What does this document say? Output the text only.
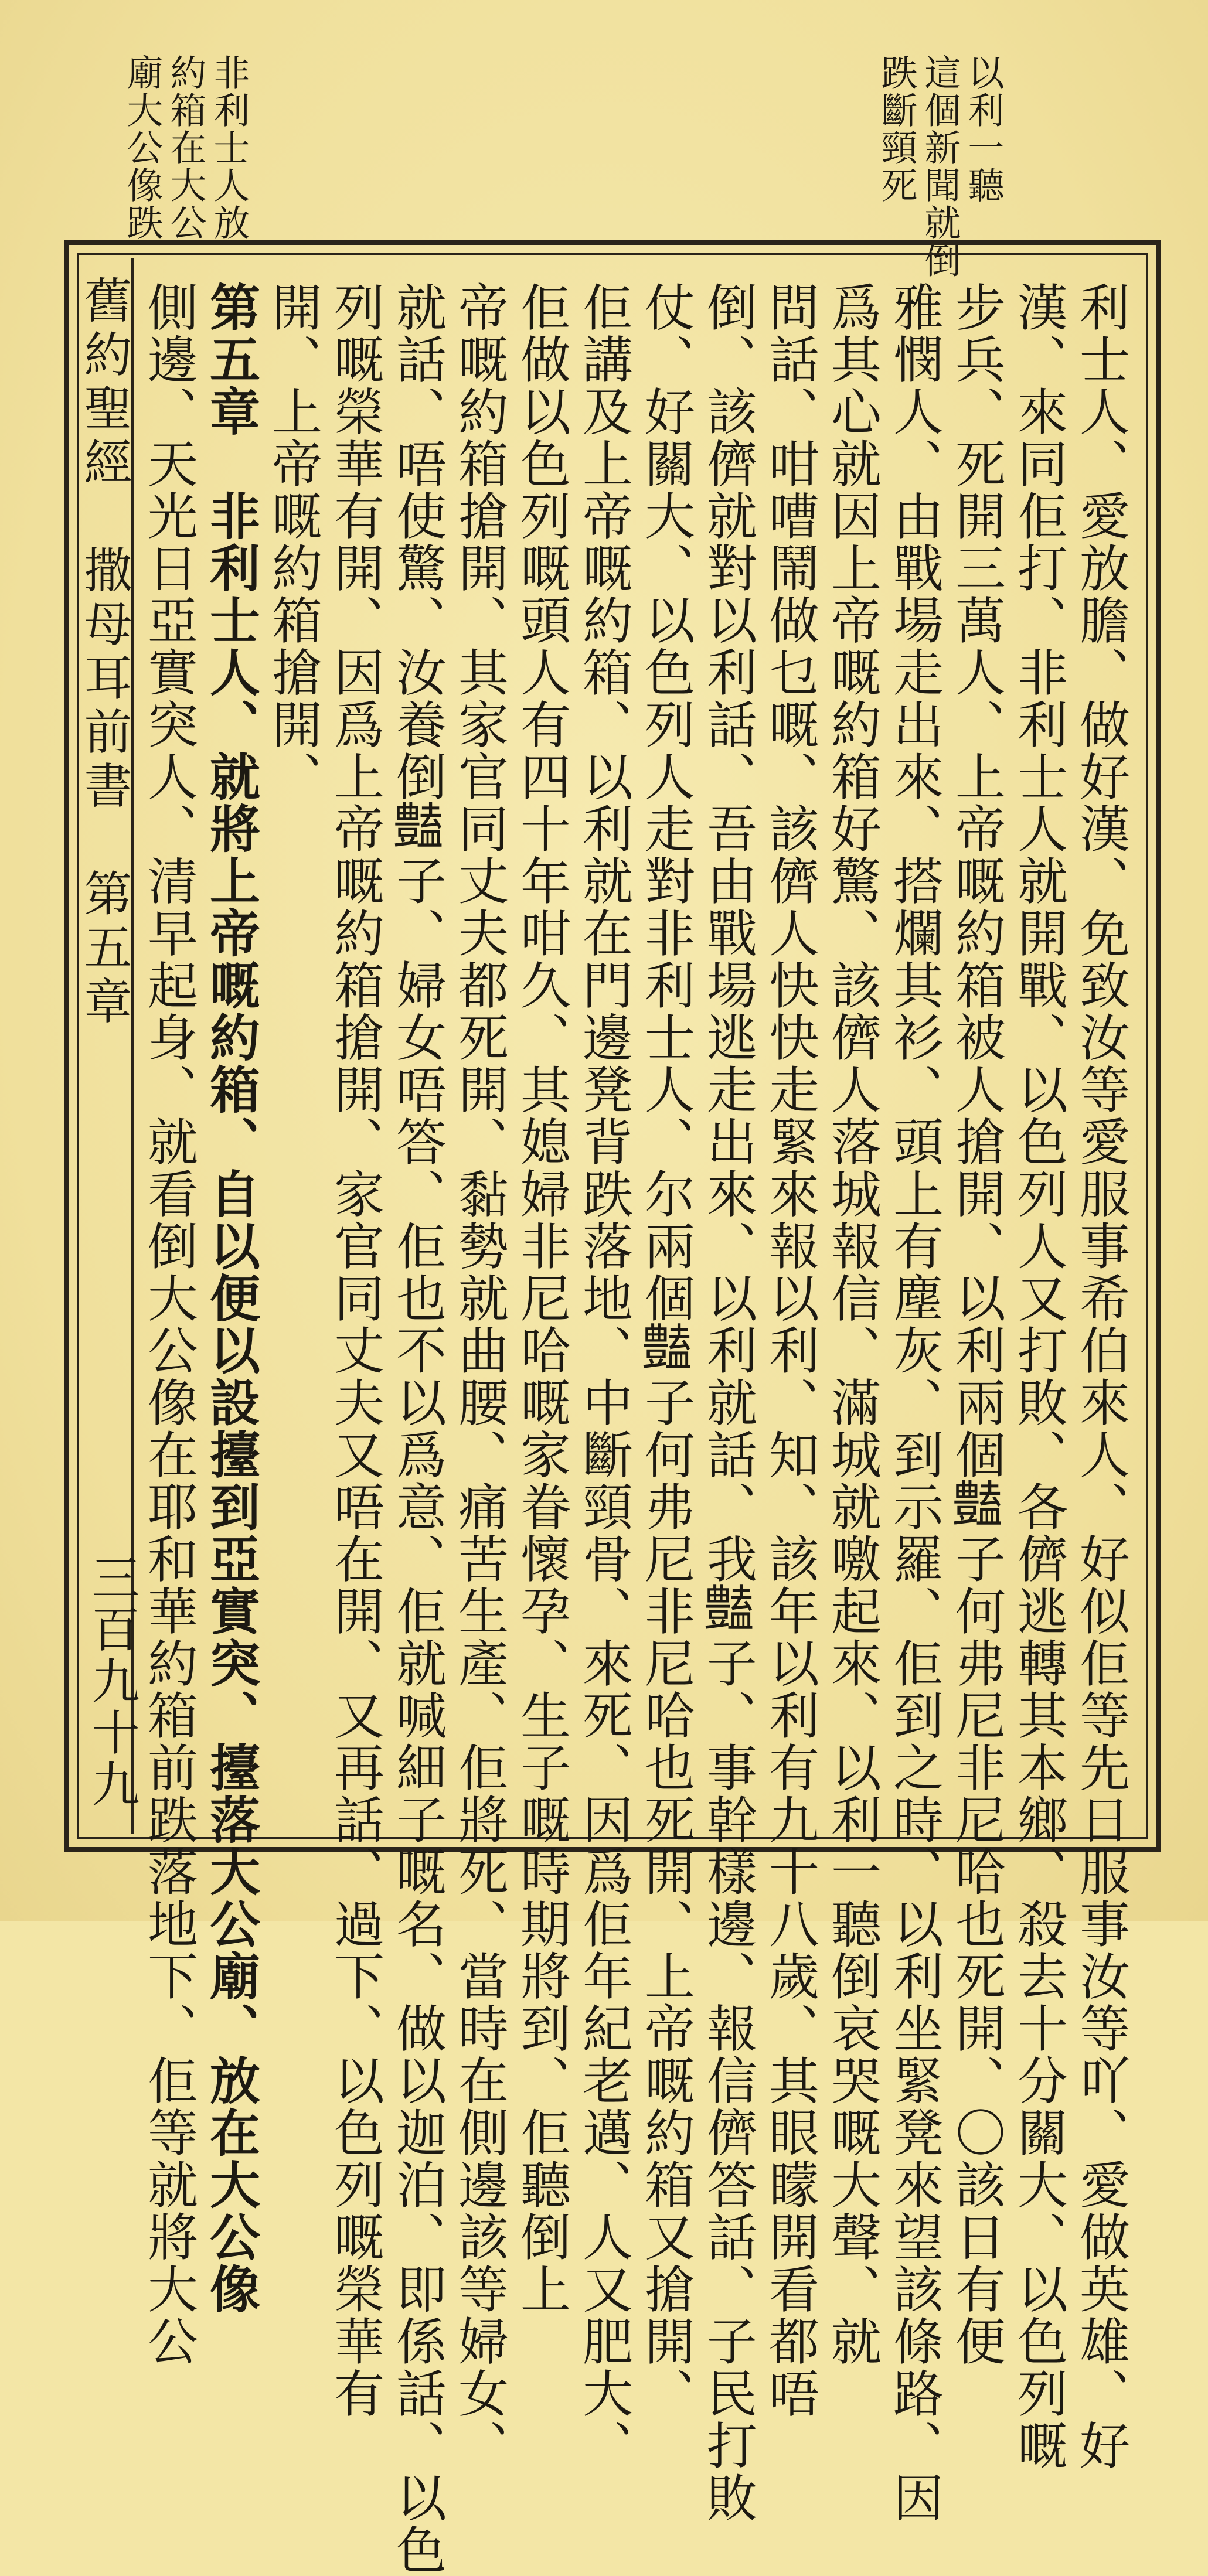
以利一聽
這個新聞就倒
跌斷頸死
非利士人放
約箱在大公
廟大公像跌
舊約聖經　撒母耳前書　第五章
三百九十九	利士人、愛放膽、做好漢、免致汝等愛服事希伯來人、好似佢等先日服事汝等吖、愛做英雄、好
漢、來同佢打、非利士人就開戰、以色列人又打敗、各儕逃轉其本鄉、殺去十分關大、以色列嘅
步兵、死開三萬人、上帝嘅約箱被人搶開、以利兩個𧰟子何弗尼非尼哈也死開、〇該日有便
雅憫人、由戰場走出來、搭爛其衫、頭上有塵灰、到示羅、佢到之時、以利坐緊凳來望該條路、因
爲其心就因上帝嘅約箱好驚、該儕人落城報信、滿城就噭起來、以利一聽倒哀哭嘅大聲、就
問話、咁嘈鬧做乜嘅、該儕人快快走緊來報以利、知、該年以利有九十八歲、其眼矇開看都唔
倒、該儕就對以利話、吾由戰場逃走出來、以利就話、我𧰟子、事幹樣邊、報信儕答話、子民打敗
仗、好關大、以色列人走對非利士人、尔兩個𧰟子何弗尼非尼哈也死開、上帝嘅約箱又搶開、
佢講及上帝嘅約箱、以利就在門邊凳背跌落地、中斷頸骨、來死、因爲佢年紀老邁、人又肥大、
佢做以色列嘅頭人有四十年咁久、其媳婦非尼哈嘅家眷懷孕、生子嘅時期將到、佢聽倒上
帝嘅約箱搶開、其家官同丈夫都死開、黏勢就曲腰、痛苦生產、佢將死、當時在側邊該等婦女、
就話、唔使驚、汝養倒𧰟子、婦女唔答、佢也不以爲意、佢就喊細子嘅名、做以迦泊、即係話、以色
列嘅榮華有開、因爲上帝嘅約箱搶開、家官同丈夫又唔在開、又再話、過下、以色列嘅榮華有
開、上帝嘅約箱搶開、
第五章　非利士人、就將上帝嘅約箱、自以便以設擡到亞實突、擡落大公廟、放在大公像
側邊、天光日亞實突人、清早起身、就看倒大公像在耶和華約箱前跌落地下、佢等就將大公
